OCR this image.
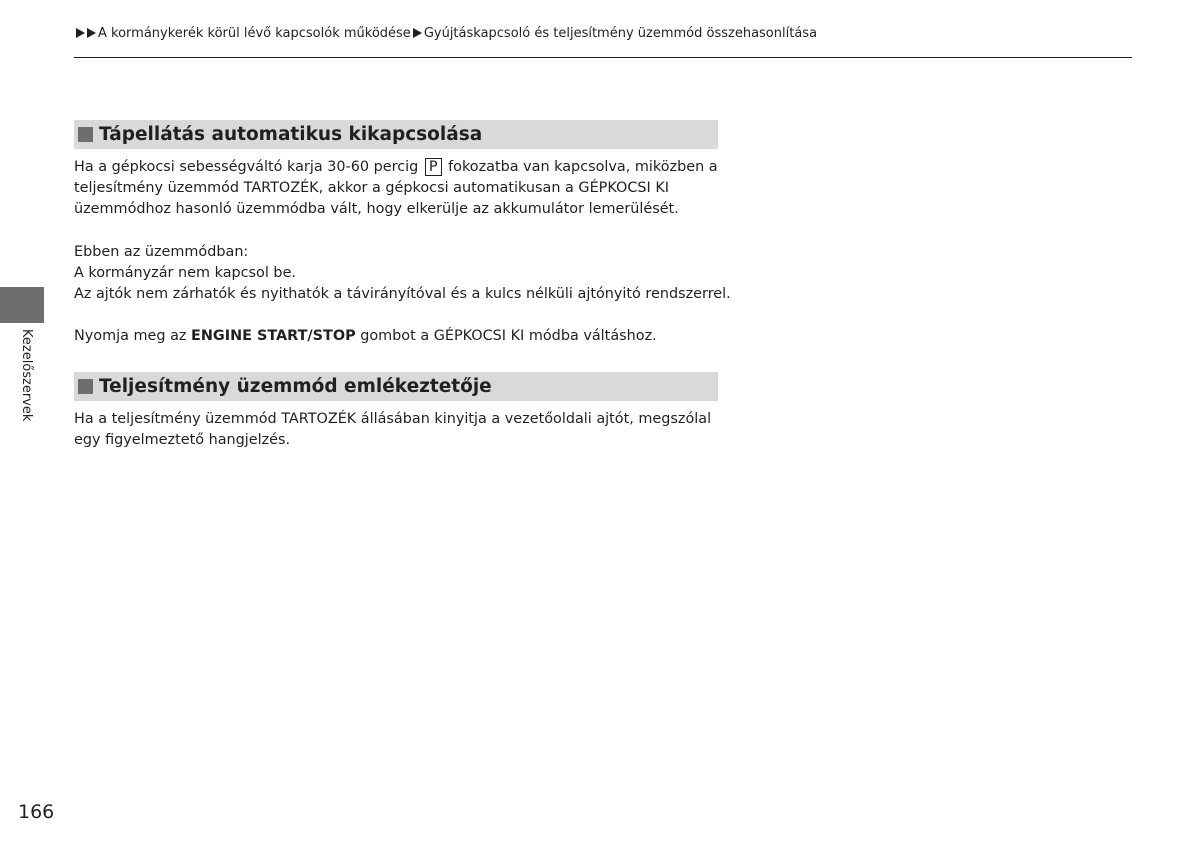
A kormánykerék körül lévő kapcsolók működése Gyújtáskapcsoló és teljesítmény üzemmód összehasonlítása
Tápellátás automatikus kikapcsolása

Ha a gépkocsi sebességváltó karja 30-60 percig P fokozatba van kapcsolva, miközben a

teljesítmény üzemmód TARTOZÉK, akkor a gépkocsi automatikusan a GÉPKOCSI KI

üzemmódhoz hasonló üzemmódba vált, hogy elkerülje az akkumulátor lemerülését.

Ebben az üzemmódban:

A kormányzár nem kapcsol be.

Az ajtók nem zárhatók és nyithatók a távirányítóval és a kulcs nélküli ajtónyitó rendszerrel.

Nyomja meg az ENGINE START/STOP gombot a GÉPKOCSI KI módba váltáshoz.

Teljesítmény üzemmód emlékeztetője

Ha a teljesítmény üzemmód TARTOZÉK állásában kinyitja a vezetőoldali ajtót, megszólal

egy figyelmeztető hangjelzés.

Kezelőszervek
166
